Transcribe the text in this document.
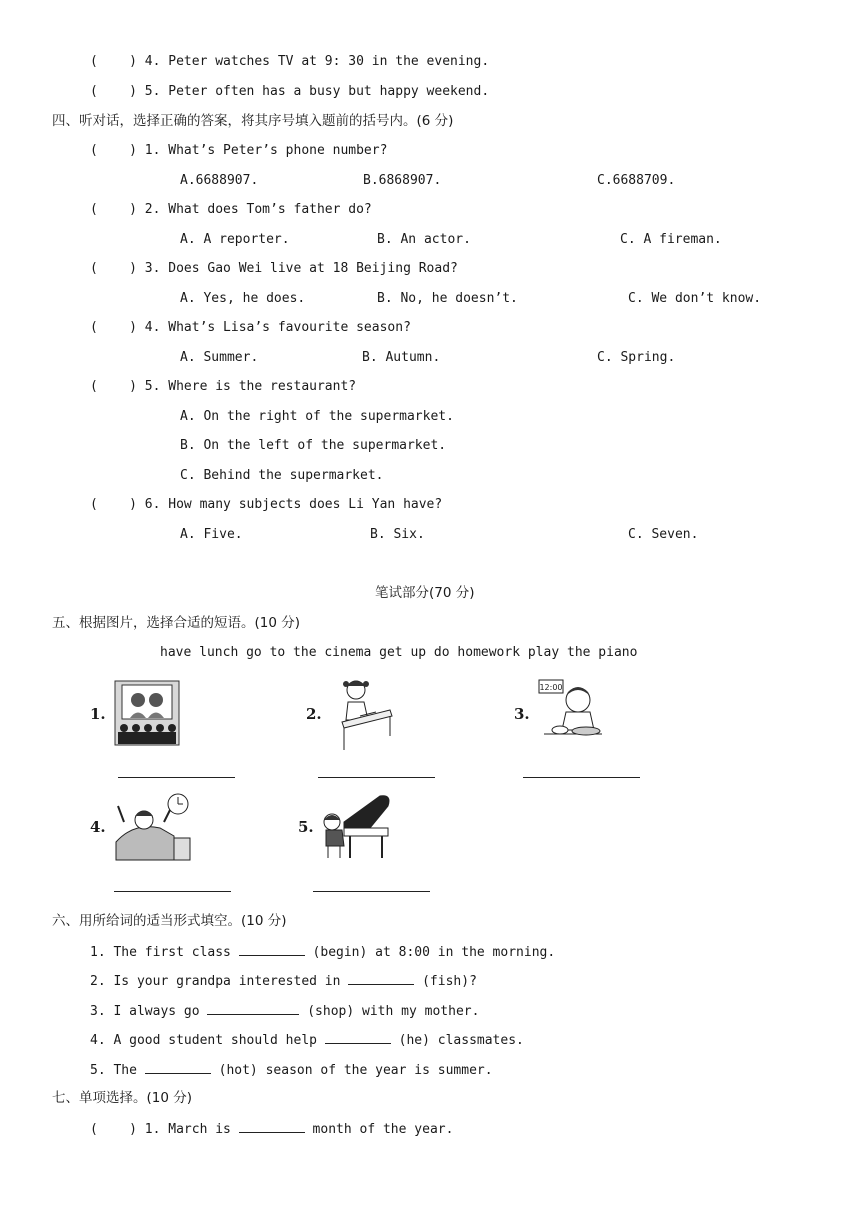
(    ) 4. Peter watches TV at 9: 30 in the evening.
(    ) 5. Peter often has a busy but happy weekend.
四、听对话，选择正确的答案，将其序号填入题前的括号内。(6 分)
(    ) 1. What’s Peter’s phone number?
A.6688907.	B.6868907.	C.6688709.
(    ) 2. What does Tom’s father do?
A. A reporter.	B. An actor.	C. A fireman.
(    ) 3. Does Gao Wei live at 18 Beijing Road?
A. Yes, he does.	B. No, he doesn’t.	C. We don’t know.
(    ) 4. What’s Lisa’s favourite season?
A. Summer.	B. Autumn.	C. Spring.
(    ) 5. Where is the restaurant?
A. On the right of the supermarket.
B. On the left of the supermarket.
C. Behind the supermarket.
(    ) 6. How many subjects does Li Yan have?
A. Five.	B. Six.	C. Seven.
笔试部分(70 分)
五、根据图片，选择合适的短语。(10 分)
have lunch go to the cinema get up do homework play the piano
1.	2.	3.
4.	5.
12:00
六、用所给词的适当形式填空。(10 分)
1. The first class	(begin) at 8:00 in the morning.
2. Is your grandpa interested in	(fish)?
3. I always go	(shop) with my mother.
4. A good student should help	(he) classmates.
5. The	(hot) season of the year is summer.
七、单项选择。(10 分)
(    ) 1. March is	month of the year.
